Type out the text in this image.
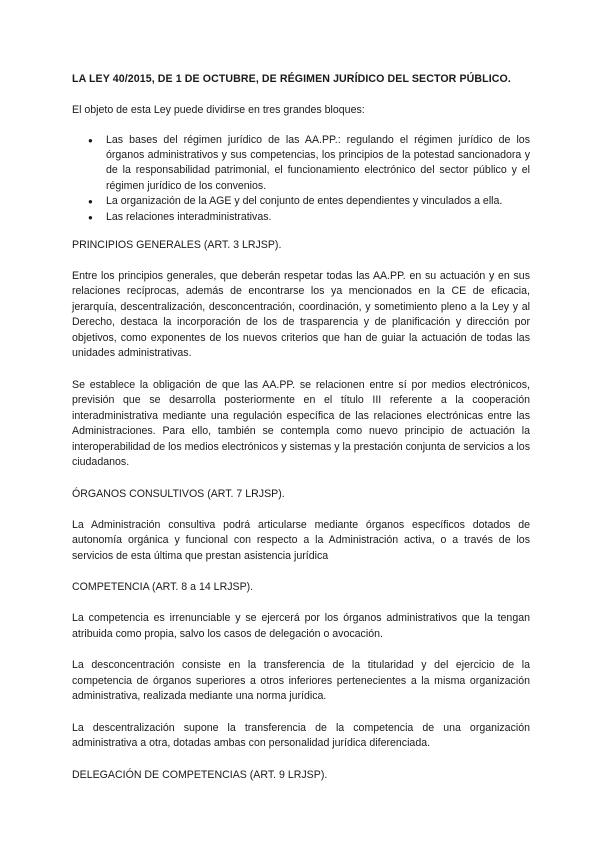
LA LEY 40/2015, DE 1 DE OCTUBRE, DE RÉGIMEN JURÍDICO DEL SECTOR PÚBLICO.

El objeto de esta Ley puede dividirse en tres grandes bloques:

● Las bases del régimen jurídico de las AA.PP.: regulando el régimen jurídico de los órganos administrativos y sus competencias, los principios de la potestad sancionadora y de la responsabilidad patrimonial, el funcionamiento electrónico del sector público y el régimen jurídico de los convenios.
● La organización de la AGE y del conjunto de entes dependientes y vinculados a ella.
● Las relaciones interadministrativas.
PRINCIPIOS GENERALES (ART. 3 LRJSP).

Entre los principios generales, que deberán respetar todas las AA.PP. en su actuación y en sus relaciones recíprocas, además de encontrarse los ya mencionados en la CE de eficacia, jerarquía, descentralización, desconcentración, coordinación, y sometimiento pleno a la Ley y al Derecho, destaca la incorporación de los de trasparencia y de planificación y dirección por objetivos, como exponentes de los nuevos criterios que han de guiar la actuación de todas las unidades administrativas.

Se establece la obligación de que las AA.PP. se relacionen entre sí por medios electrónicos, previsión que se desarrolla posteriormente en el título III referente a la cooperación interadministrativa mediante una regulación específica de las relaciones electrónicas entre las Administraciones. Para ello, también se contempla como nuevo principio de actuación la interoperabilidad de los medios electrónicos y sistemas y la prestación conjunta de servicios a los ciudadanos.

ÓRGANOS CONSULTIVOS (ART. 7 LRJSP).

La Administración consultiva podrá articularse mediante órganos específicos dotados de autonomía orgánica y funcional con respecto a la Administración activa, o a través de los servicios de esta última que prestan asistencia jurídica

COMPETENCIA (ART. 8 a 14 LRJSP).

La competencia es irrenunciable y se ejercerá por los órganos administrativos que la tengan atribuida como propia, salvo los casos de delegación o avocación.

La desconcentración consiste en la transferencia de la titularidad y del ejercicio de la competencia de órganos superiores a otros inferiores pertenecientes a la misma organización administrativa, realizada mediante una norma jurídica.

La descentralización supone la transferencia de la competencia de una organización administrativa a otra, dotadas ambas con personalidad jurídica diferenciada.

DELEGACIÓN DE COMPETENCIAS (ART. 9 LRJSP).
